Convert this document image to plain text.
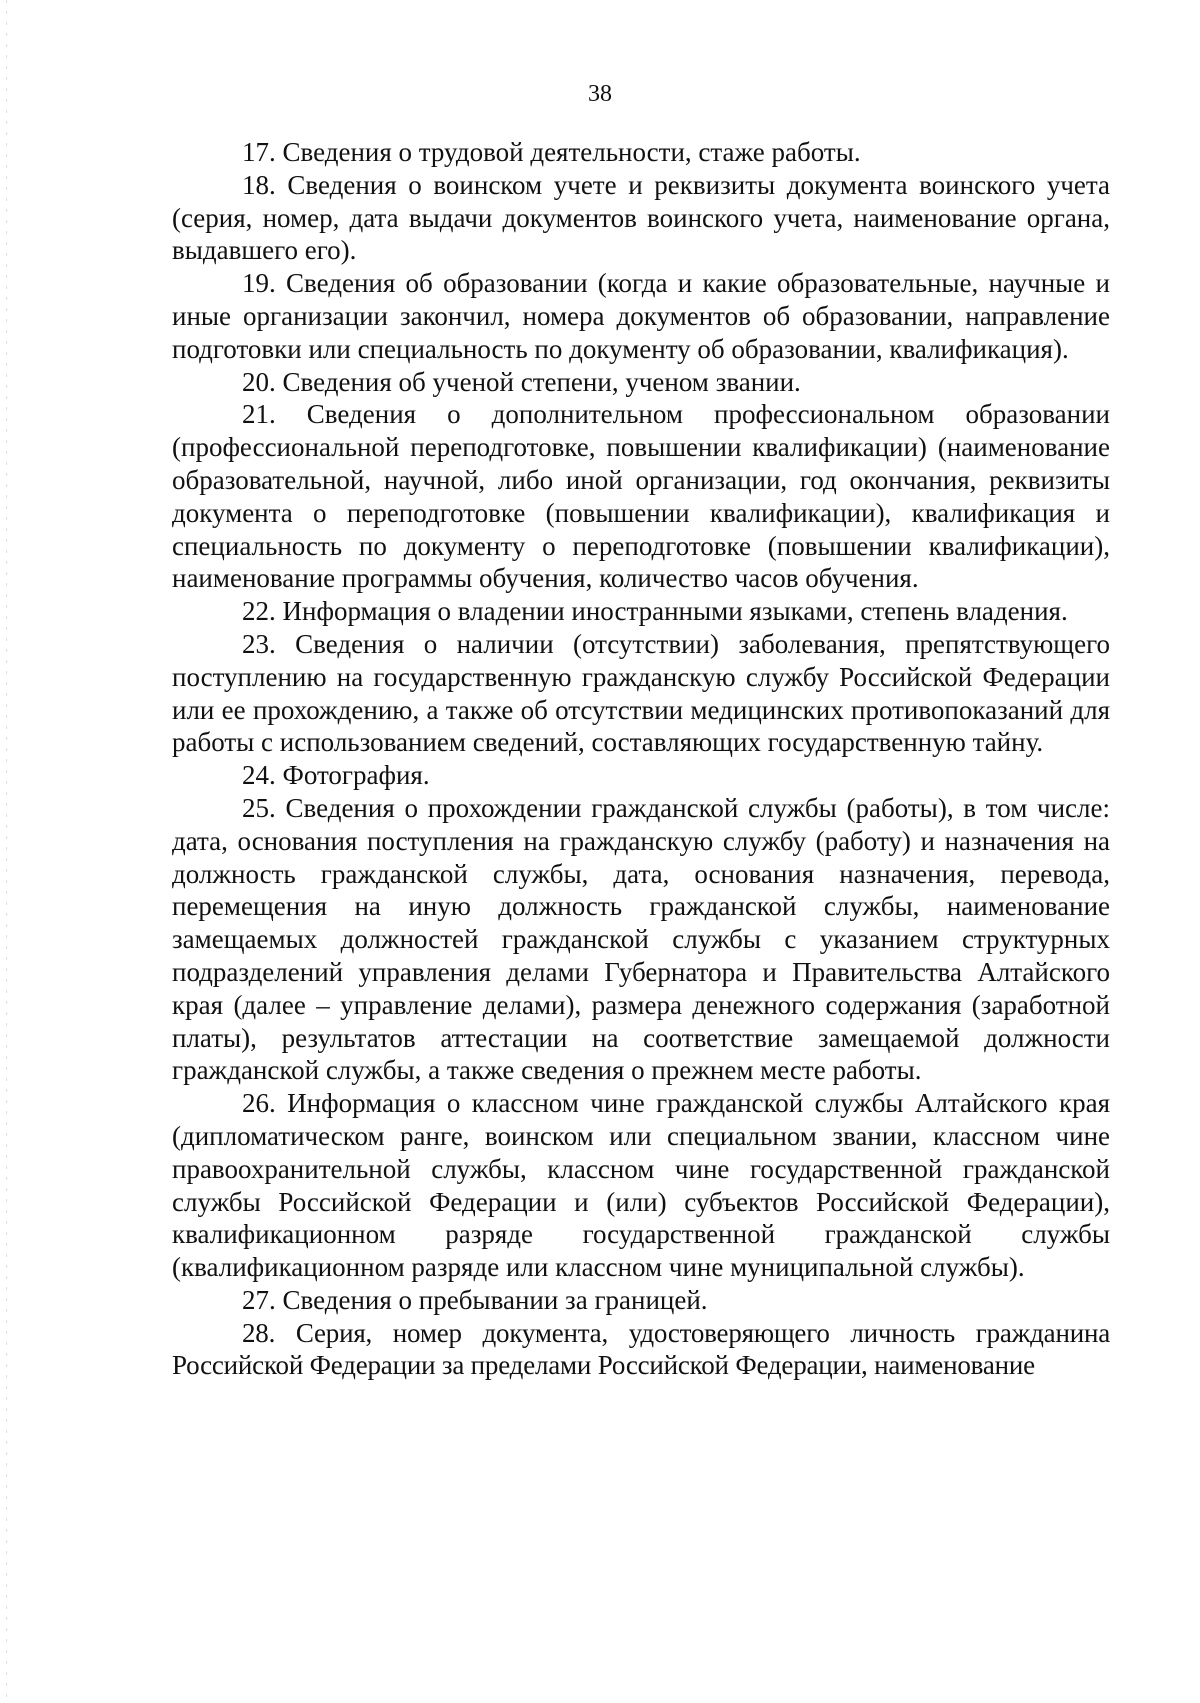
38

17. Сведения о трудовой деятельности, стаже работы.

18. Сведения о воинском учете и реквизиты документа воинского учета (серия, номер, дата выдачи документов воинского учета, наименование органа, выдавшего его).

19. Сведения об образовании (когда и какие образовательные, научные и иные организации закончил, номера документов об образовании, направление подготовки или специальность по документу об образовании, квалификация).

20. Сведения об ученой степени, ученом звании.

21. Сведения о дополнительном профессиональном образовании (профессиональной переподготовке, повышении квалификации) (наименование образовательной, научной, либо иной организации, год окончания, реквизиты документа о переподготовке (повышении квалификации), квалификация и специальность по документу о переподготовке (повышении квалификации), наименование программы обучения, количество часов обучения.

22. Информация о владении иностранными языками, степень владения.

23. Сведения о наличии (отсутствии) заболевания, препятствующего поступлению на государственную гражданскую службу Российской Федерации или ее прохождению, а также об отсутствии медицинских противопоказаний для работы с использованием сведений, составляющих государственную тайну.

24. Фотография.

25. Сведения о прохождении гражданской службы (работы), в том числе: дата, основания поступления на гражданскую службу (работу) и назначения на должность гражданской службы, дата, основания назначения, перевода, перемещения на иную должность гражданской службы, наименование замещаемых должностей гражданской службы с указанием структурных подразделений управления делами Губернатора и Правительства Алтайского края (далее – управление делами), размера денежного содержания (заработной платы), результатов аттестации на соответствие замещаемой должности гражданской службы, а также сведения о прежнем месте работы.

26. Информация о классном чине гражданской службы Алтайского края (дипломатическом ранге, воинском или специальном звании, классном чине правоохранительной службы, классном чине государственной гражданской службы Российской Федерации и (или) субъектов Российской Федерации), квалификационном разряде государственной гражданской службы (квалификационном разряде или классном чине муниципальной службы).

27. Сведения о пребывании за границей.

28. Серия, номер документа, удостоверяющего личность гражданина Российской Федерации за пределами Российской Федерации, наименование
